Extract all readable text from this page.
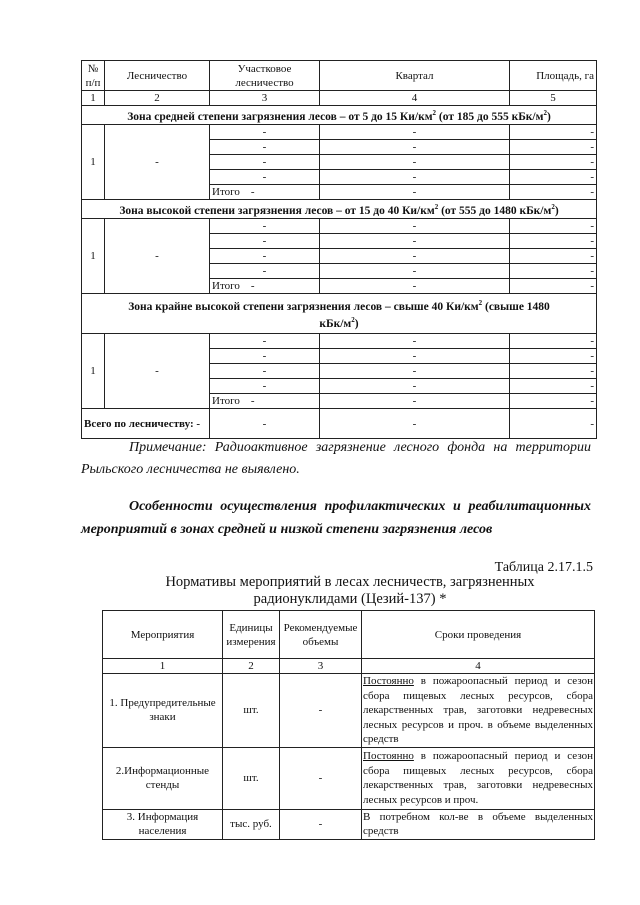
№ п/п	Лесничество	Участковое лесничество	Квартал	Площадь, га
1	2	3	4	5
Зона средней степени загрязнения лесов – от 5 до 15 $Ки/км^2$ (от 185 до 555 кБк/$м^2$)				
1	-	-	-	-
		-	-	-
		-	-	-
		-	-	-
		Итого -	-	-
Зона высокой степени загрязнения лесов – от 15 до 40 $Ки/км^2$ (от 555 до 1480 кБк/$м^2$)				
1	-	-	-	-
		-	-	-
		-	-	-
		-	-	-
		Итого -	-	-
Зона крайне высокой степени загрязнения лесов – свыше 40 $Ки/км^2$ (свыше 1480 кБк/$м^2$)				
1	-	-	-	-
		-	-	-
		-	-	-
		-	-	-
		Итого -	-	-
Всего по лесничеству: -		-	-	-
Примечание: Радиоактивное загрязнение лесного фонда на территории Рыльского лесничества не выявлено.
Особенности осуществления профилактических и реабилитационных мероприятий в зонах средней и низкой степени загрязнения лесов
Таблица 2.17.1.5
Нормативы мероприятий в лесах лесничеств, загрязненных радионуклидами (Цезий-137) *
Мероприятия	Единицы измерения	Рекомендуемые объемы	Сроки проведения
1	2	3	4
1. Предупредительные знаки	шт.	-	Постоянно в пожароопасный период и сезон сбора пищевых лесных ресурсов, сбора лекарственных трав, заготовки недревесных лесных ресурсов и проч. в объеме выделенных средств
2.Информационные стенды	шт.	-	Постоянно в пожароопасный период и сезон сбора пищевых лесных ресурсов, сбора лекарственных трав, заготовки недревесных лесных ресурсов и проч.
3. Информация населения	тыс. руб.	-	В потребном кол-ве в объеме выделенных средств
